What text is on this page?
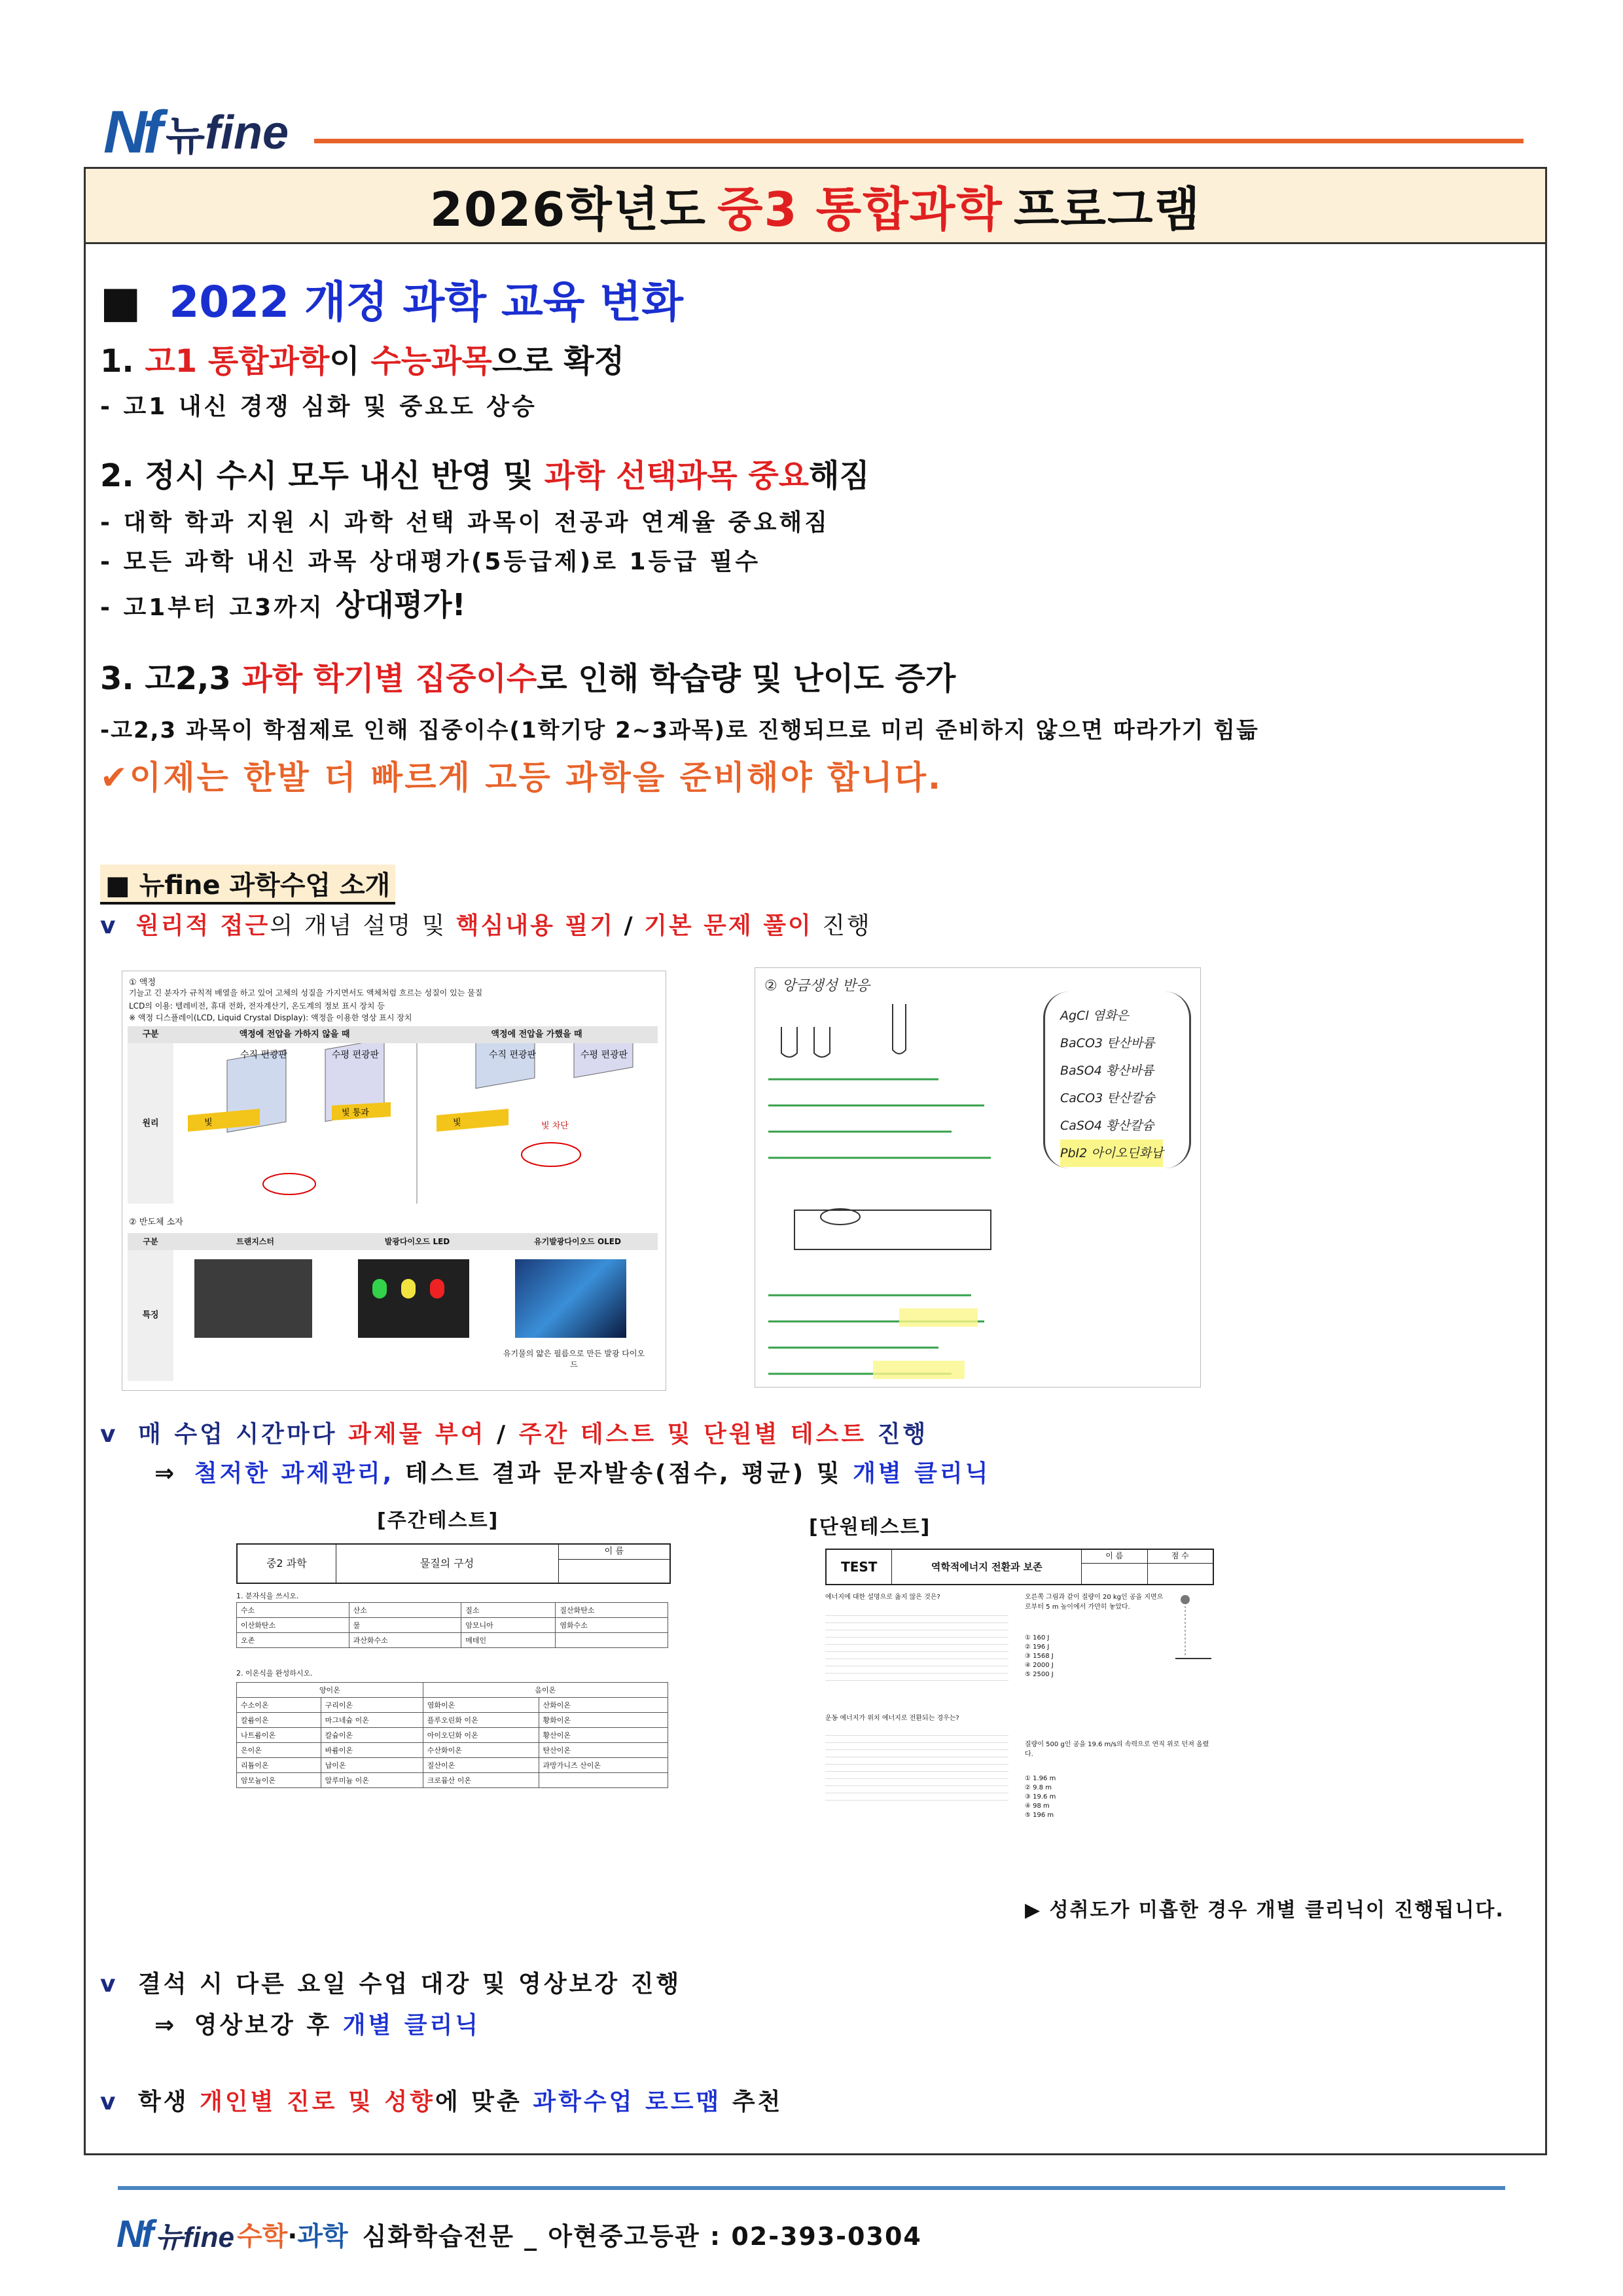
Nf 뉴 fine
2026학년도 중3 통합과학 프로그램
■ 2022 개정 과학 교육 변화
1. 고1 통합과학이 수능과목으로 확정
- 고1 내신 경쟁 심화 및 중요도 상승
2. 정시 수시 모두 내신 반영 및 과학 선택과목 중요해짐
- 대학 학과 지원 시 과학 선택 과목이 전공과 연계율 중요해짐
- 모든 과학 내신 과목 상대평가(5등급제)로 1등급 필수
- 고1부터 고3까지 상대평가!
3. 고2,3 과학 학기별 집중이수로 인해 학습량 및 난이도 증가
-고2,3 과목이 학점제로 인해 집중이수(1학기당 2~3과목)로 진행되므로 미리 준비하지 않으면 따라가기 힘듦
✔이제는 한발 더 빠르게 고등 과학을 준비해야 합니다.
■ 뉴fine 과학수업 소개
v 원리적 접근의 개념 설명 및 핵심내용 필기 / 기본 문제 풀이 진행
① 액정
기늘고 긴 분자가 규칙적 배열을 하고 있어 고체의 성질을 가지면서도 액체처럼 흐르는 성질이 있는 물질
LCD의 이용: 텔레비전, 휴대 전화, 전자계산기, 온도계의 정보 표시 장치 등
※ 액정 디스플레이(LCD, Liquid Crystal Display): 액정을 이용한 영상 표시 장치
구분	액정에 전압을 가하지 않을 때	액정에 전압을 가했을 때
원리
수직 편광판	수평 편광판	수직 편광판	수평 편광판
빛
빛 통과
빛	빛 차단
② 반도체 소자
구분	트랜지스터	발광다이오드 LED	유기발광다이오드 OLED
특징
유기물의 얇은 필름으로 만든 발광 다이오드
② 앙금생성 반응
AgCl 염화은
BaCO3 탄산바륨
BaSO4 황산바륨
CaCO3 탄산칼슘
CaSO4 황산칼슘
PbI2 아이오딘화납
v 매 수업 시간마다 과제물 부여 / 주간 테스트 및 단원별 테스트 진행
⇒ 철저한 과제관리, 테스트 결과 문자발송(점수, 평균) 및 개별 클리닉
[주간테스트]
중2 과학	물질의 구성
이 름
1. 분자식을 쓰시오.
수소	산소	질소	질산화탄소
이산화탄소	물	암모니아	염화수소
오존	과산화수소	메테인	
2. 이온식을 완성하시오.
양이온		음이온	
수소이온	구리이온	염화이온	산화이온
칼륨이온	마그네슘 이온	플루오린화 이온	황화이온
나트륨이온	칼슘이온	아이오딘화 이온	황산이온
은이온	바륨이온	수산화이온	탄산이온
리튬이온	납이온	질산이온	과망가니즈 산이온
암모늄이온	알루미늄 이온	크로뮴산 이온	
[단원테스트]
TEST	역학적에너지 전환과 보존
이 름	점 수
에너지에 대한 설명으로 옳지 않은 것은?
운동 에너지가 위치 에너지로 전환되는 경우는?
오른쪽 그림과 같이 질량이 20 kg인 공을 지면으로부터 5 m 높이에서 가만히 놓았다.
① 160 J
② 196 J
③ 1568 J
④ 2000 J
⑤ 2500 J
질량이 500 g인 공을 19.6 m/s의 속력으로 연직 위로 던져 올렸다.
① 1.96 m
② 9.8 m
③ 19.6 m
④ 98 m
⑤ 196 m
▶ 성취도가 미흡한 경우 개별 클리닉이 진행됩니다.
v 결석 시 다른 요일 수업 대강 및 영상보강 진행
⇒ 영상보강 후 개별 클리닉
v 학생 개인별 진로 및 성향에 맞춘 과학수업 로드맵 추천
Nf 뉴fine 수학·과학 심화학습전문 _ 아현중고등관 : 02-393-0304
